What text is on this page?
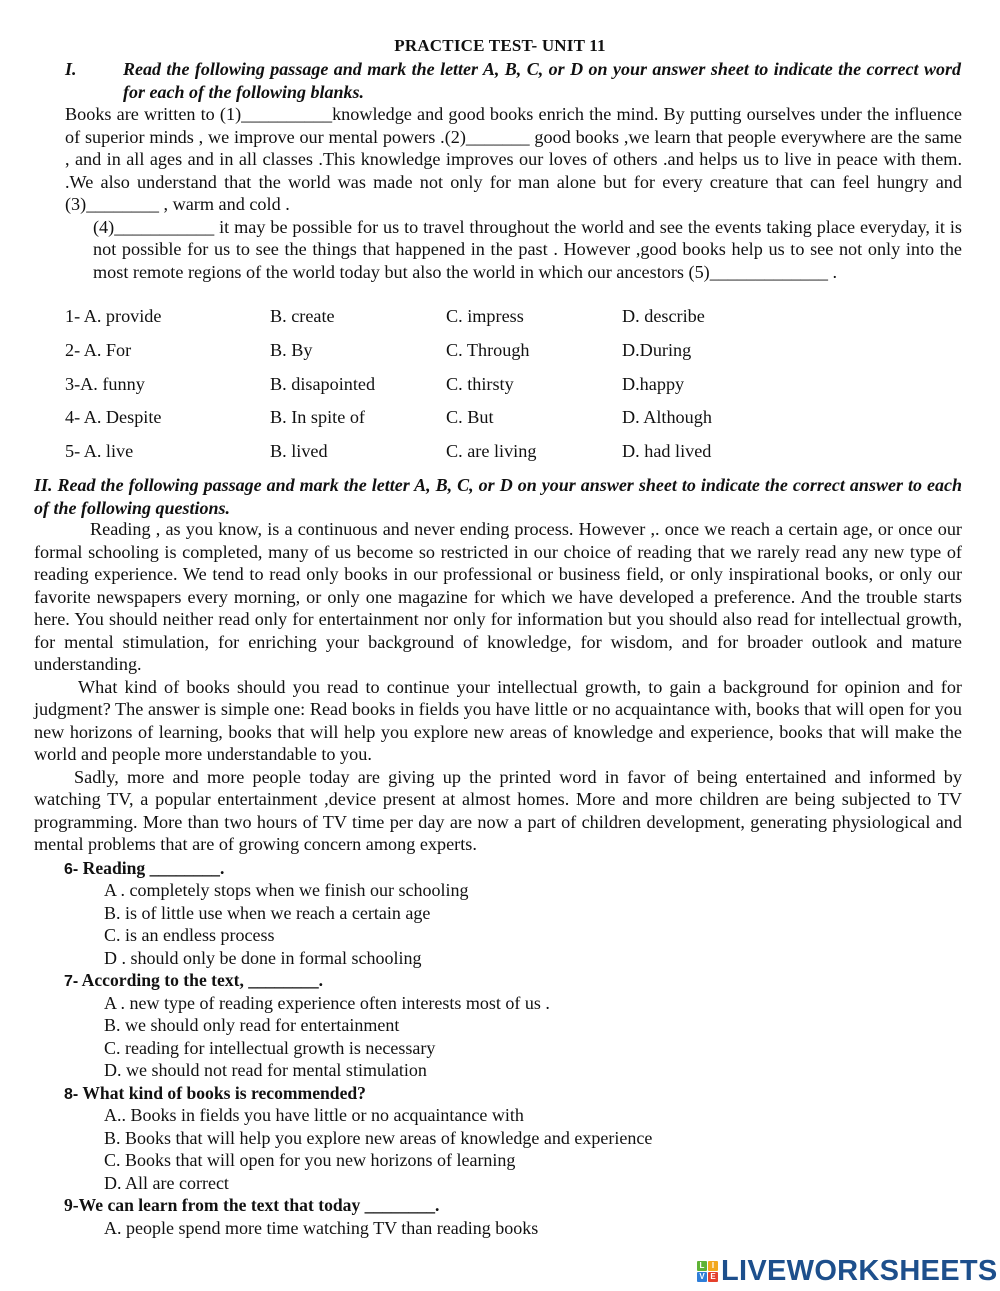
PRACTICE TEST- UNIT 11
I.	Read the following passage and mark the letter A, B, C, or D on your answer sheet to indicate the correct word for each of the following blanks.
Books are written to (1)__________knowledge and good books enrich the mind. By putting ourselves under the influence of superior minds , we improve our mental powers .(2)_______ good books ,we learn that people everywhere are the same , and in all ages and in all classes .This knowledge improves our loves of others .and helps us to live in peace with them. .We also understand that the world was made not only for man alone but for every creature that can feel hungry and (3)________ , warm and cold .
(4)___________ it may be possible for us to travel throughout the world and see the events taking place everyday, it is not possible for us to see the things that happened in the past . However ,good books help us to see not only into the most remote regions of the world today but also the world in which our ancestors (5)_____________ .
1- A. provide	B. create	C. impress	D. describe
2- A. For	B. By	C. Through	D.During
3-A. funny	B. disapointed	C. thirsty	D.happy
4- A. Despite	B. In spite of	C. But	D. Although
5- A. live	B. lived	C. are living	D. had lived
II. Read the following passage and mark the letter A, B, C, or D on your answer sheet to indicate the correct answer to each of the following questions.
Reading , as you know, is a continuous and never ending process. However ,. once we reach a certain age, or once our formal schooling is completed, many of us become so restricted in our choice of reading that we rarely read any new type of reading experience. We tend to read only books in our professional or business field, or only inspirational books, or only our favorite newspapers every morning, or only one magazine for which we have developed a preference. And the trouble starts here. You should neither read only for entertainment nor only for information but you should also read for intellectual growth, for mental stimulation, for enriching your background of knowledge, for wisdom, and for broader outlook and mature understanding.
What kind of books should you read to continue your intellectual growth, to gain a background for opinion and for judgment? The answer is simple one: Read books in fields you have little or no acquaintance with, books that will open for you new horizons of learning, books that will help you explore new areas of knowledge and experience, books that will make the world and people more understandable to you.
Sadly, more and more people today are giving up the printed word in favor of being entertained and informed by watching TV, a popular entertainment ,device present at almost homes. More and more children are being subjected to TV programming. More than two hours of TV time per day are now a part of children development, generating physiological and mental problems that are of growing concern among experts.
6- Reading ________.
A . completely stops when we finish our schooling
B. is of little use when we reach a certain age
C. is an endless process
D . should only be done in formal schooling
7- According to the text, ________.
A . new type of reading experience often interests most of us .
B. we should only read for entertainment
C. reading for intellectual growth is necessary
D. we should not read for mental stimulation
8- What kind of books is recommended?
A.. Books in fields you have little or no acquaintance with
B. Books that will help you explore new areas of knowledge and experience
C. Books that will open for you new horizons of learning
D. All are correct
9-We can learn from the text that today ________.
A. people spend more time watching TV than reading books
L I
V E LIVEWORKSHEETS
